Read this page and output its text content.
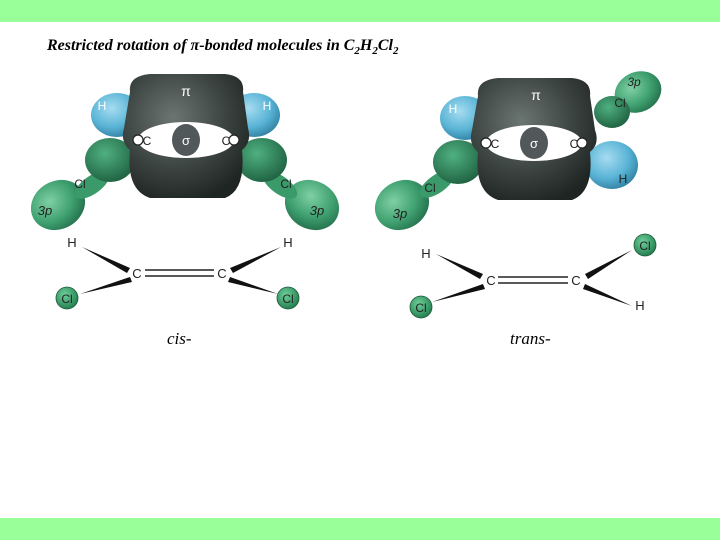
Restricted rotation of π-bonded molecules in $C_2H_2Cl_2$
π
sp² σ sp²
C	C
H	H
Cl	Cl
3p	3p
H	H
C	C
Cl	Cl
π
sp² σ sp²
C	C
H	Cl
3p
Cl
3p
H
H
H
C	C
Cl
Cl
cis-	trans-
